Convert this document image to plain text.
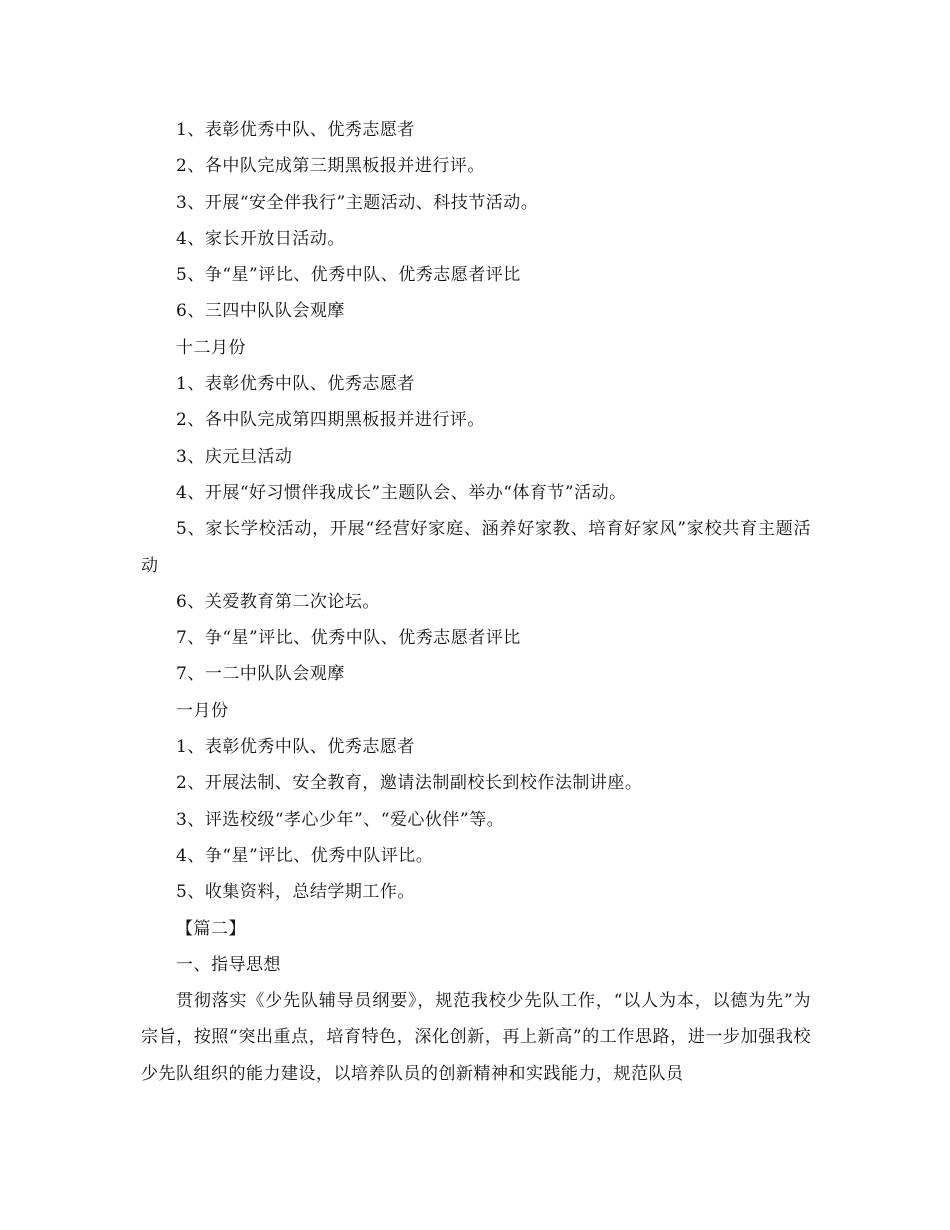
1、表彰优秀中队、优秀志愿者
2、各中队完成第三期黑板报并进行评。
3、开展“安全伴我行”主题活动、科技节活动。
4、家长开放日活动。
5、争“星”评比、优秀中队、优秀志愿者评比
6、三四中队队会观摩
十二月份
1、表彰优秀中队、优秀志愿者
2、各中队完成第四期黑板报并进行评。
3、庆元旦活动
4、开展“好习惯伴我成长”主题队会、举办“体育节”活动。
5、家长学校活动，开展“经营好家庭、涵养好家教、培育好家风”家校共育主题活动
6、关爱教育第二次论坛。
7、争“星”评比、优秀中队、优秀志愿者评比
7、一二中队队会观摩
一月份
1、表彰优秀中队、优秀志愿者
2、开展法制、安全教育，邀请法制副校长到校作法制讲座。
3、评选校级“孝心少年”、“爱心伙伴”等。
4、争“星”评比、优秀中队评比。
5、收集资料，总结学期工作。
【篇二】
一、指导思想
贯彻落实《少先队辅导员纲要》，规范我校少先队工作，“以人为本，以德为先”为宗旨，按照“突出重点，培育特色，深化创新，再上新高”的工作思路，进一步加强我校少先队组织的能力建设，以培养队员的创新精神和实践能力，规范队员
